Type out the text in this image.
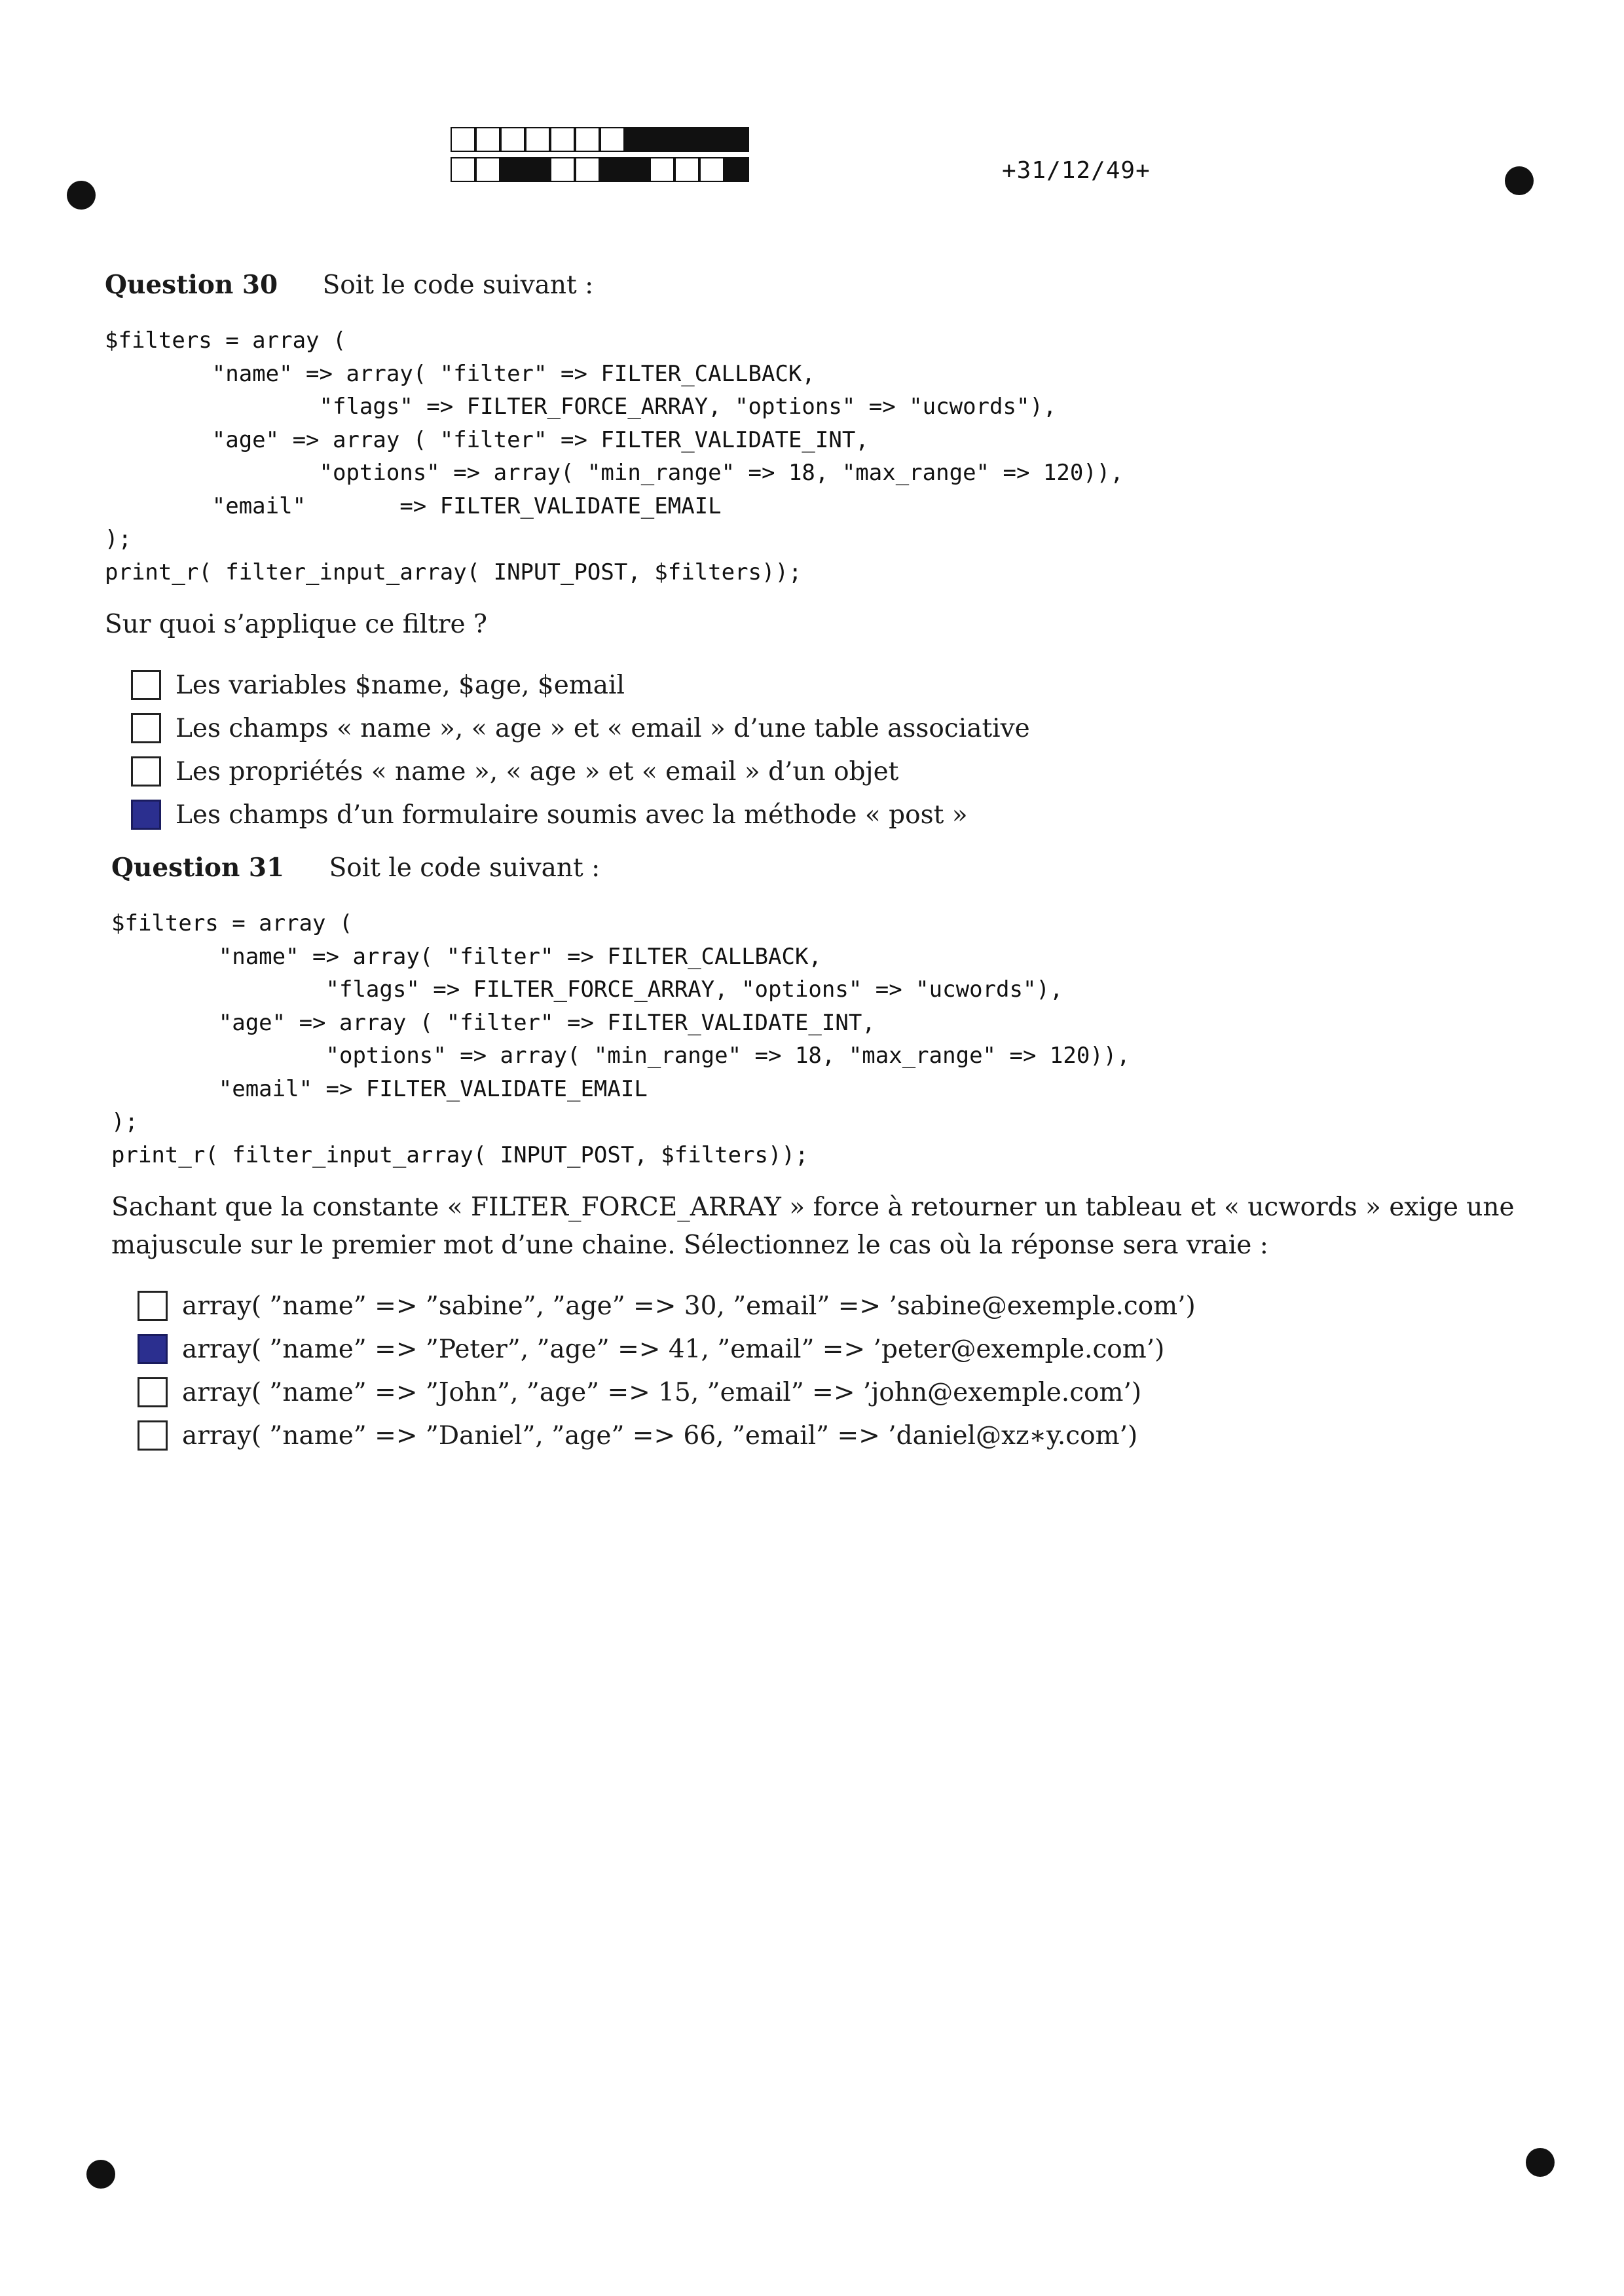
+31/12/49+
Question 30 Soit le code suivant :
$filters = array (
"name" => array( "filter" => FILTER_CALLBACK,
"flags" => FILTER_FORCE_ARRAY, "options" => "ucwords"),
"age" => array ( "filter" => FILTER_VALIDATE_INT,
"options" => array( "min_range" => 18, "max_range" => 120)),
"email"       => FILTER_VALIDATE_EMAIL
);
print_r( filter_input_array( INPUT_POST, $filters));
Sur quoi s’applique ce filtre ?
Les variables $name, $age, $email
Les champs « name », « age » et « email » d’une table associative
Les propriétés « name », « age » et « email » d’un objet
Les champs d’un formulaire soumis avec la méthode « post »
Question 31 Soit le code suivant :
$filters = array (
"name" => array( "filter" => FILTER_CALLBACK,
"flags" => FILTER_FORCE_ARRAY, "options" => "ucwords"),
"age" => array ( "filter" => FILTER_VALIDATE_INT,
"options" => array( "min_range" => 18, "max_range" => 120)),
"email" => FILTER_VALIDATE_EMAIL
);
print_r( filter_input_array( INPUT_POST, $filters));
Sachant que la constante « FILTER_FORCE_ARRAY » force à retourner un tableau et « ucwords » exige une majuscule sur le premier mot d’une chaine. Sélectionnez le cas où la réponse sera vraie :
array( ”name” => ”sabine”, ”age” => 30, ”email” => ’sabine@exemple.com’)
array( ”name” => ”Peter”, ”age” => 41, ”email” => ’peter@exemple.com’)
array( ”name” => ”John”, ”age” => 15, ”email” => ’john@exemple.com’)
array( ”name” => ”Daniel”, ”age” => 66, ”email” => ’daniel@xz∗y.com’)
